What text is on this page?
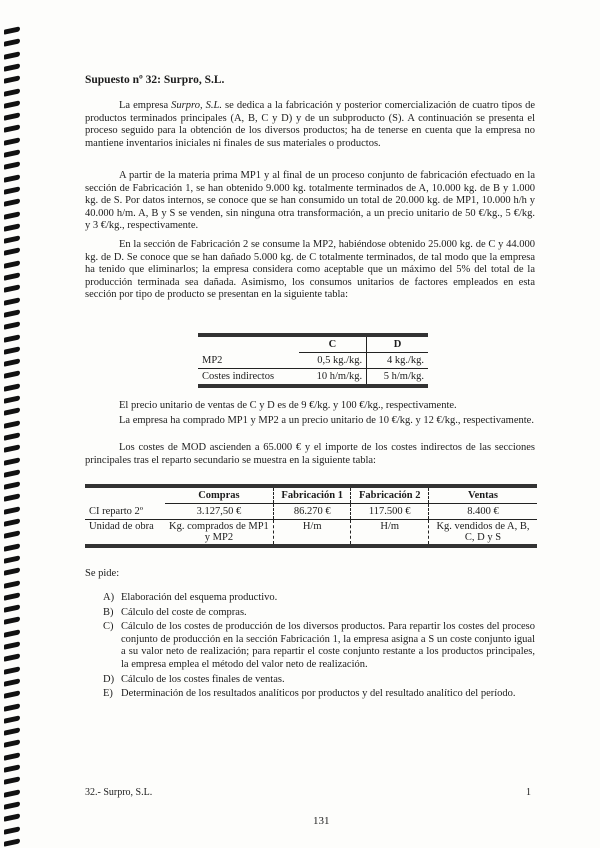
Supuesto nº 32: Surpro, S.L.

La empresa Surpro, S.L. se dedica a la fabricación y posterior comercialización de cuatro tipos de productos terminados principales (A, B, C y D) y de un subproducto (S). A continuación se presenta el proceso seguido para la obtención de los diversos productos; ha de tenerse en cuenta que la empresa no mantiene inventarios iniciales ni finales de sus materiales o productos.

A partir de la materia prima MP1 y al final de un proceso conjunto de fabricación efectuado en la sección de Fabricación 1, se han obtenido 9.000 kg. totalmente terminados de A, 10.000 kg. de B y 1.000 kg. de S. Por datos internos, se conoce que se han consumido un total de 20.000 kg. de MP1, 10.000 h/h y 40.000 h/m. A, B y S se venden, sin ninguna otra transformación, a un precio unitario de 50 €/kg., 5 €/kg. y 3 €/kg., respectivamente.

En la sección de Fabricación 2 se consume la MP2, habiéndose obtenido 25.000 kg. de C y 44.000 kg. de D. Se conoce que se han dañado 5.000 kg. de C totalmente terminados, de tal modo que la empresa ha tenido que eliminarlos; la empresa considera como aceptable que un máximo del 5% del total de la producción terminada sea dañada. Asimismo, los consumos unitarios de factores empleados en esta sección por tipo de producto se presentan en la siguiente tabla:

	C	D
MP2	0,5 kg./kg.	4 kg./kg.
Costes indirectos	10 h/m/kg.	5 h/m/kg.

El precio unitario de ventas de C y D es de 9 €/kg. y 100 €/kg., respectivamente.

La empresa ha comprado MP1 y MP2 a un precio unitario de 10 €/kg. y 12 €/kg., respectivamente.

Los costes de MOD ascienden a 65.000 € y el importe de los costes indirectos de las secciones principales tras el reparto secundario se muestra en la siguiente tabla:

	Compras	Fabricación 1	Fabricación 2	Ventas
CI reparto 2º	3.127,50 €	86.270 €	117.500 €	8.400 €
Unidad de obra	Kg. comprados de MP1 y MP2	H/m	H/m	Kg. vendidos de A, B, C, D y S
Se pide:
A) Elaboración del esquema productivo.
B) Cálculo del coste de compras.
C) Cálculo de los costes de producción de los diversos productos. Para repartir los costes del proceso conjunto de producción en la sección Fabricación 1, la empresa asigna a S un coste conjunto igual a su valor neto de realización; para repartir el coste conjunto restante a los productos principales, la empresa emplea el método del valor neto de realización.
D) Cálculo de los costes finales de ventas.
E) Determinación de los resultados analíticos por productos y del resultado analítico del período.
32.- Surpro, S.L.	1
131
